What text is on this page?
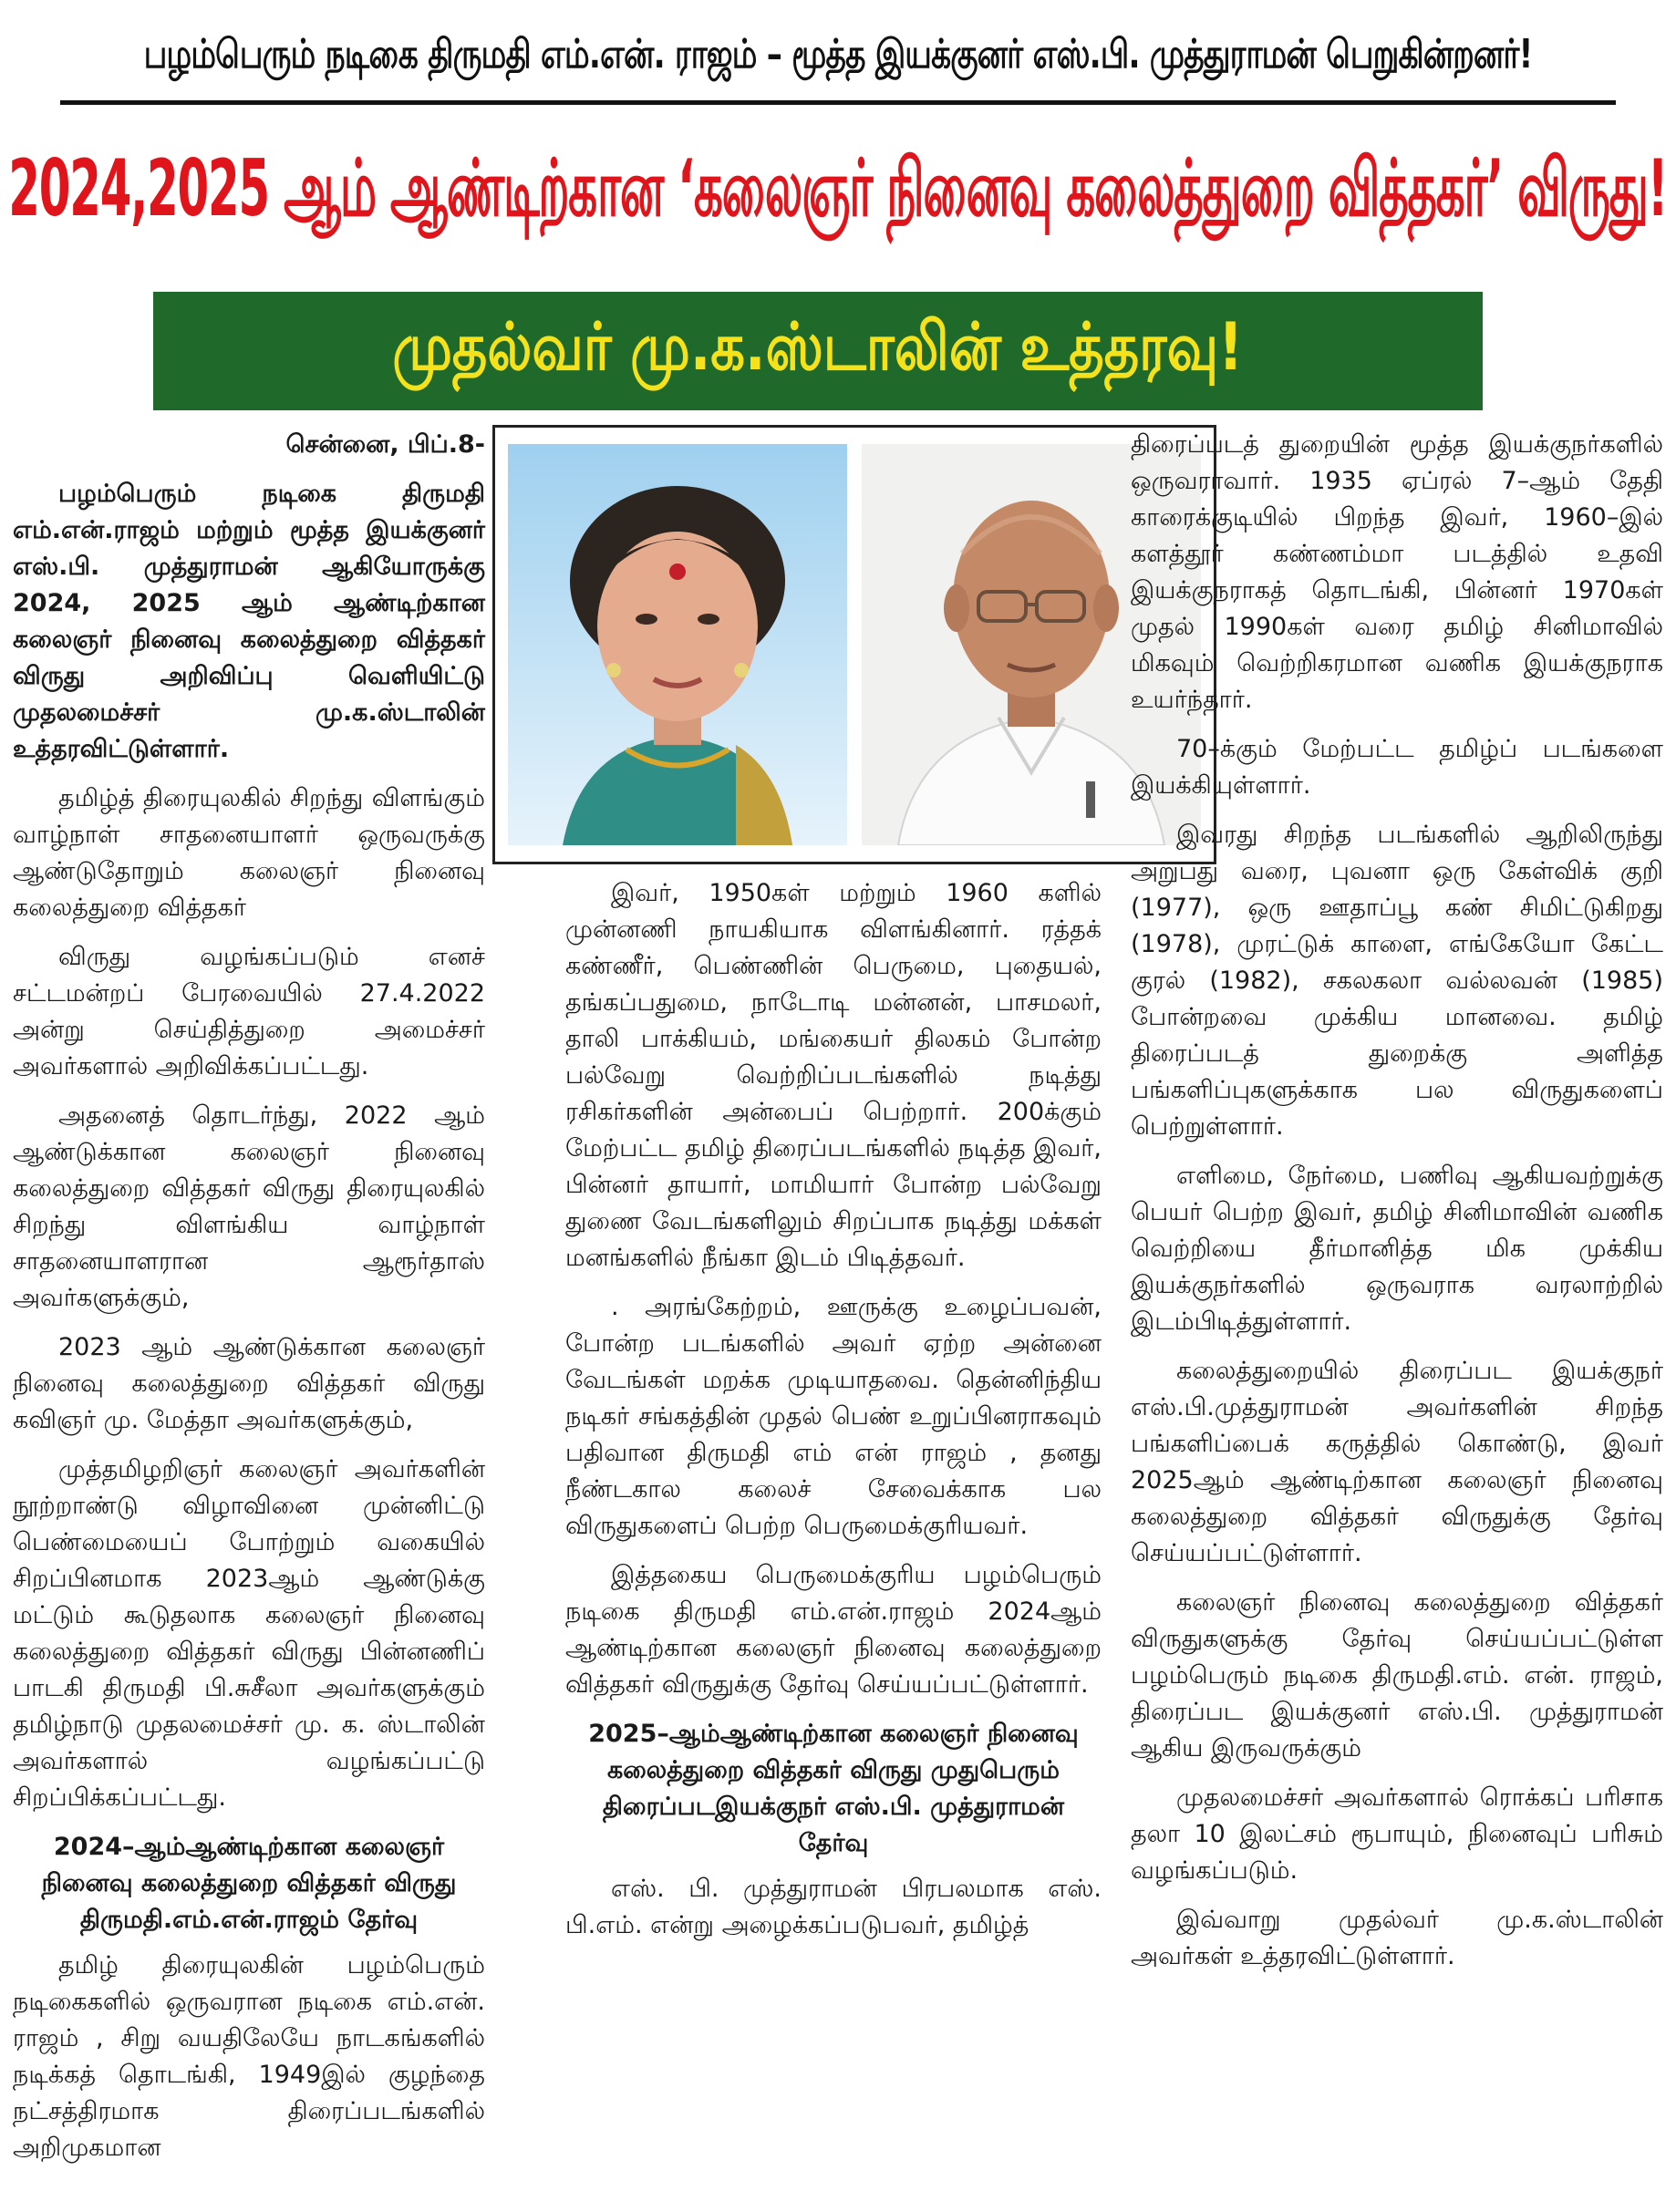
பழம்பெரும் நடிகை திருமதி எம்.என். ராஜம் – மூத்த இயக்குனர் எஸ்.பி. முத்துராமன் பெறுகின்றனர்!
2024,2025 ஆம் ஆண்டிற்கான ‘கலைஞர் நினைவு கலைத்துறை வித்தகர்’ விருது!
முதல்வர் மு.க.ஸ்டாலின் உத்தரவு!

சென்னை, பிப்.8-

பழம்பெரும் நடிகை திருமதி எம்.என்.ராஜம் மற்றும் மூத்த இயக்குனர் எஸ்.பி. முத்துராமன் ஆகியோருக்கு 2024, 2025 ஆம் ஆண்டிற்கான கலைஞர் நினைவு கலைத்துறை வித்தகர் விருது அறிவிப்பு வெளியிட்டு முதலமைச்சர் மு.க.ஸ்டாலின் உத்தரவிட்டுள்ளார்.

தமிழ்த் திரையுலகில் சிறந்து விளங்கும் வாழ்நாள் சாதனையாளர் ஒருவருக்கு ஆண்டுதோறும் கலைஞர் நினைவு கலைத்துறை வித்தகர்

விருது வழங்கப்படும் எனச் சட்டமன்றப் பேரவையில் 27.4.2022 அன்று செய்தித்துறை அமைச்சர் அவர்களால் அறிவிக்கப்பட்டது.

அதனைத் தொடர்ந்து, 2022 ஆம் ஆண்டுக்கான கலைஞர் நினைவு கலைத்துறை வித்தகர் விருது திரையுலகில் சிறந்து விளங்கிய வாழ்நாள் சாதனையாளரான ஆரூர்தாஸ் அவர்களுக்கும்,

2023 ஆம் ஆண்டுக்கான கலைஞர் நினைவு கலைத்துறை வித்தகர் விருது கவிஞர் மு. மேத்தா அவர்களுக்கும்,

முத்தமிழறிஞர் கலைஞர் அவர்களின் நூற்றாண்டு விழாவினை முன்னிட்டு பெண்மையைப் போற்றும் வகையில் சிறப்பினமாக 2023ஆம் ஆண்டுக்கு மட்டும் கூடுதலாக கலைஞர் நினைவு கலைத்துறை வித்தகர் விருது பின்னணிப் பாடகி திருமதி பி.சுசீலா அவர்களுக்கும் தமிழ்நாடு முதலமைச்சர் மு. க. ஸ்டாலின் அவர்களால் வழங்கப்பட்டு சிறப்பிக்கப்பட்டது.

2024–ஆம்ஆண்டிற்கான கலைஞர் நினைவு கலைத்துறை வித்தகர் விருது திருமதி.எம்.என்.ராஜம் தேர்வு

தமிழ் திரையுலகின் பழம்பெரும் நடிகைகளில் ஒருவரான நடிகை எம்.என். ராஜம் , சிறு வயதிலேயே நாடகங்களில் நடிக்கத் தொடங்கி, 1949இல் குழந்தை நட்சத்திரமாக திரைப்படங்களில் அறிமுகமான

இவர், 1950கள் மற்றும் 1960 களில் முன்னணி நாயகியாக விளங்கினார். ரத்தக் கண்ணீர், பெண்ணின் பெருமை, புதையல், தங்கப்பதுமை, நாடோடி மன்னன், பாசமலர், தாலி பாக்கியம், மங்கையர் திலகம் போன்ற பல்வேறு வெற்றிப்படங்களில் நடித்து ரசிகர்களின் அன்பைப் பெற்றார். 200க்கும் மேற்பட்ட தமிழ் திரைப்படங்களில் நடித்த இவர், பின்னர் தாயார், மாமியார் போன்ற பல்வேறு துணை வேடங்களிலும் சிறப்பாக நடித்து மக்கள் மனங்களில் நீங்கா இடம் பிடித்தவர்.

. அரங்கேற்றம், ஊருக்கு உழைப்பவன், போன்ற படங்களில் அவர் ஏற்ற அன்னை வேடங்கள் மறக்க முடியாதவை. தென்னிந்திய நடிகர் சங்கத்தின் முதல் பெண் உறுப்பினராகவும் பதிவான திருமதி எம் என் ராஜம் , தனது நீண்டகால கலைச் சேவைக்காக பல விருதுகளைப் பெற்ற பெருமைக்குரியவர்.

இத்தகைய பெருமைக்குரிய பழம்பெரும் நடிகை திருமதி எம்.என்.ராஜம் 2024ஆம் ஆண்டிற்கான கலைஞர் நினைவு கலைத்துறை வித்தகர் விருதுக்கு தேர்வு செய்யப்பட்டுள்ளார்.

2025–ஆம்ஆண்டிற்கான கலைஞர் நினைவு கலைத்துறை வித்தகர் விருது முதுபெரும் திரைப்படஇயக்குநர் எஸ்.பி. முத்துராமன் தேர்வு

எஸ். பி. முத்துராமன் பிரபலமாக எஸ். பி.எம். என்று அழைக்கப்படுபவர், தமிழ்த்

திரைப்படத் துறையின் மூத்த இயக்குநர்களில் ஒருவராவார். 1935 ஏப்ரல் 7–ஆம் தேதி காரைக்குடியில் பிறந்த இவர், 1960–இல் களத்தூர் கண்ணம்மா படத்தில் உதவி இயக்குநராகத் தொடங்கி, பின்னர் 1970கள் முதல் 1990கள் வரை தமிழ் சினிமாவில் மிகவும் வெற்றிகரமான வணிக இயக்குநராக உயர்ந்தார்.

70–க்கும் மேற்பட்ட தமிழ்ப் படங்களை இயக்கியுள்ளார்.

இவரது சிறந்த படங்களில் ஆறிலிருந்து அறுபது வரை, புவனா ஒரு கேள்விக் குறி (1977), ஒரு ஊதாப்பூ கண் சிமிட்டுகிறது (1978), முரட்டுக் காளை, எங்கேயோ கேட்ட குரல் (1982), சகலகலா வல்லவன் (1985) போன்றவை முக்கிய மானவை. தமிழ் திரைப்படத் துறைக்கு அளித்த பங்களிப்புகளுக்காக பல விருதுகளைப் பெற்றுள்ளார்.

எளிமை, நேர்மை, பணிவு ஆகியவற்றுக்கு பெயர் பெற்ற இவர், தமிழ் சினிமாவின் வணிக வெற்றியை தீர்மானித்த மிக முக்கிய இயக்குநர்களில் ஒருவராக வரலாற்றில் இடம்பிடித்துள்ளார்.

கலைத்துறையில் திரைப்பட இயக்குநர் எஸ்.பி.முத்துராமன் அவர்களின் சிறந்த பங்களிப்பைக் கருத்தில் கொண்டு, இவர் 2025ஆம் ஆண்டிற்கான கலைஞர் நினைவு கலைத்துறை வித்தகர் விருதுக்கு தேர்வு செய்யப்பட்டுள்ளார்.

கலைஞர் நினைவு கலைத்துறை வித்தகர் விருதுகளுக்கு தேர்வு செய்யப்பட்டுள்ள பழம்பெரும் நடிகை திருமதி.எம். என். ராஜம், திரைப்பட இயக்குனர் எஸ்.பி. முத்துராமன் ஆகிய இருவருக்கும்

முதலமைச்சர் அவர்களால் ரொக்கப் பரிசாக தலா 10 இலட்சம் ரூபாயும், நினைவுப் பரிசும் வழங்கப்படும்.

இவ்வாறு முதல்வர் மு.க.ஸ்டாலின் அவர்கள் உத்தரவிட்டுள்ளார்.
